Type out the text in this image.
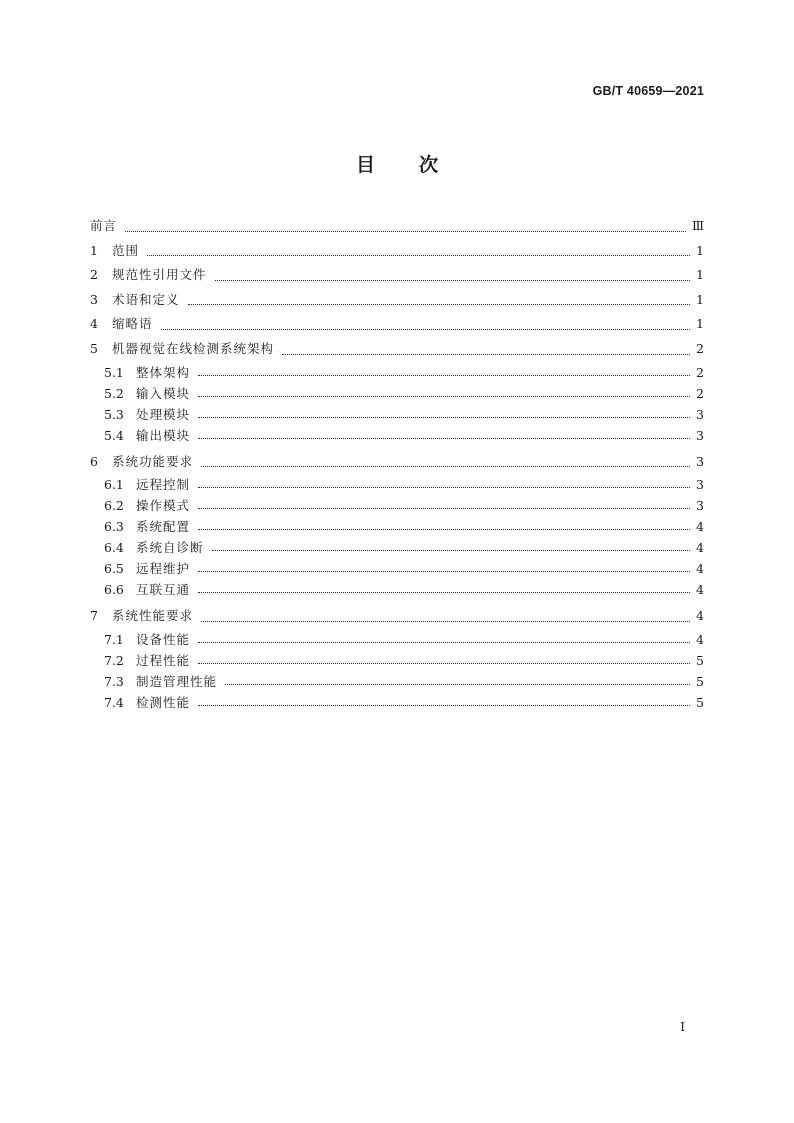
GB/T 40659—2021
目次
前言	Ⅲ
1	范围	1
2	规范性引用文件	1
3	术语和定义	1
4	缩略语	1
5	机器视觉在线检测系统架构	2
5.1 整体架构	2
5.2 输入模块	2
5.3 处理模块	3
5.4 输出模块	3
6	系统功能要求	3
6.1 远程控制	3
6.2 操作模式	3
6.3 系统配置	4
6.4 系统自诊断	4
6.5 远程维护	4
6.6 互联互通	4
7	系统性能要求	4
7.1 设备性能	4
7.2 过程性能	5
7.3 制造管理性能	5
7.4 检测性能	5
I
